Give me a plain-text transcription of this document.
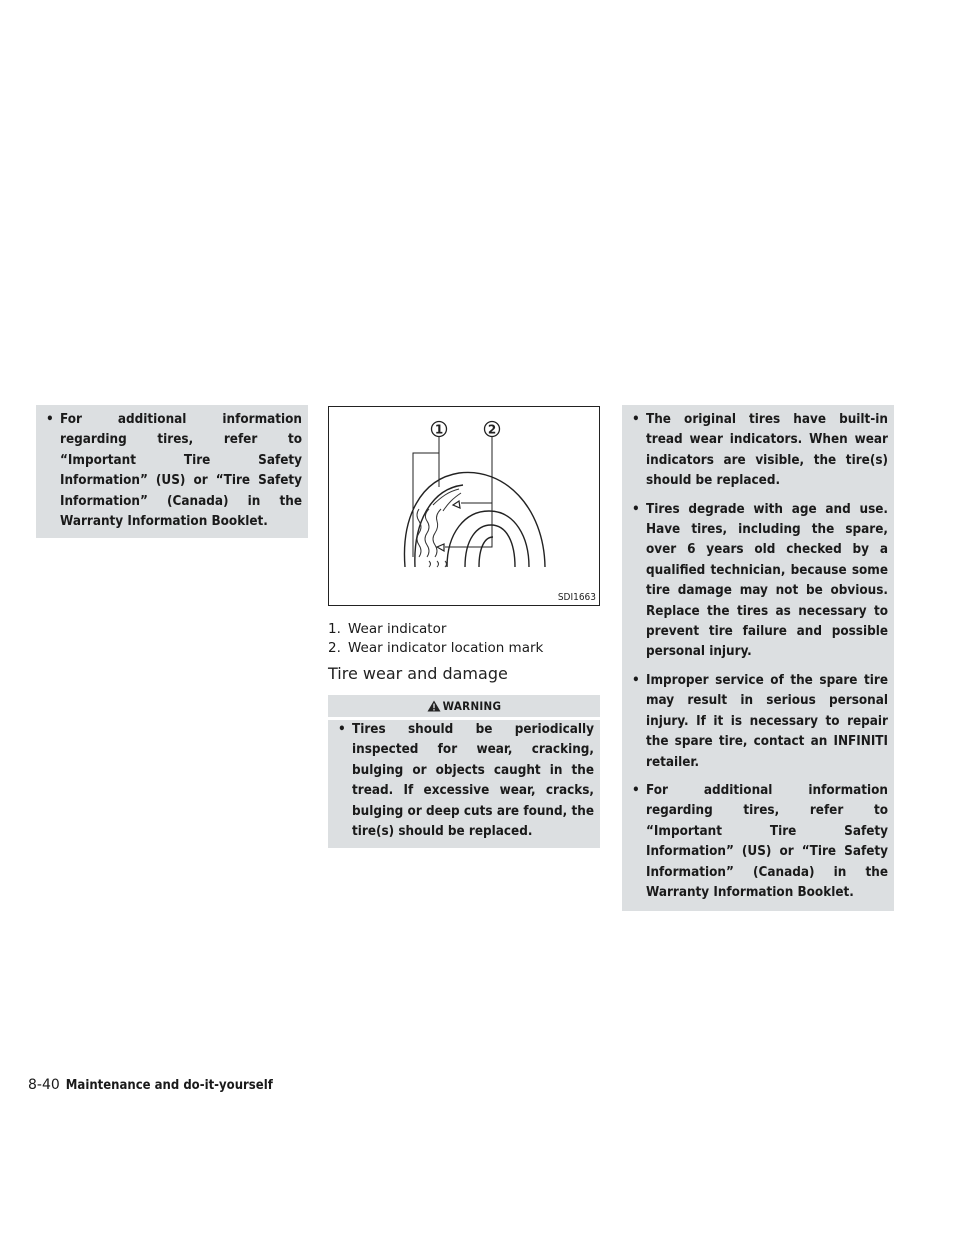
• For additional information regarding tires, refer to “Important Tire Safety Information” (US) or “Tire Safety Information” (Canada) in the Warranty Information Booklet.

1	2
SDI1663
1. Wear indicator
2. Wear indicator location mark
Tire wear and damage
WARNING

• Tires should be periodically inspected for wear, cracking, bulging or objects caught in the tread. If excessive wear, cracks, bulging or deep cuts are found, the tire(s) should be replaced.

• The original tires have built-in tread wear indicators. When wear indicators are visible, the tire(s) should be replaced.

• Tires degrade with age and use. Have tires, including the spare, over 6 years old checked by a qualified technician, because some tire damage may not be obvious. Replace the tires as necessary to prevent tire failure and possible personal injury.

• Improper service of the spare tire may result in serious personal injury. If it is necessary to repair the spare tire, contact an INFINITI retailer.

• For additional information regarding tires, refer to “Important Tire Safety Information” (US) or “Tire Safety Information” (Canada) in the Warranty Information Booklet.

8-40 Maintenance and do-it-yourself
